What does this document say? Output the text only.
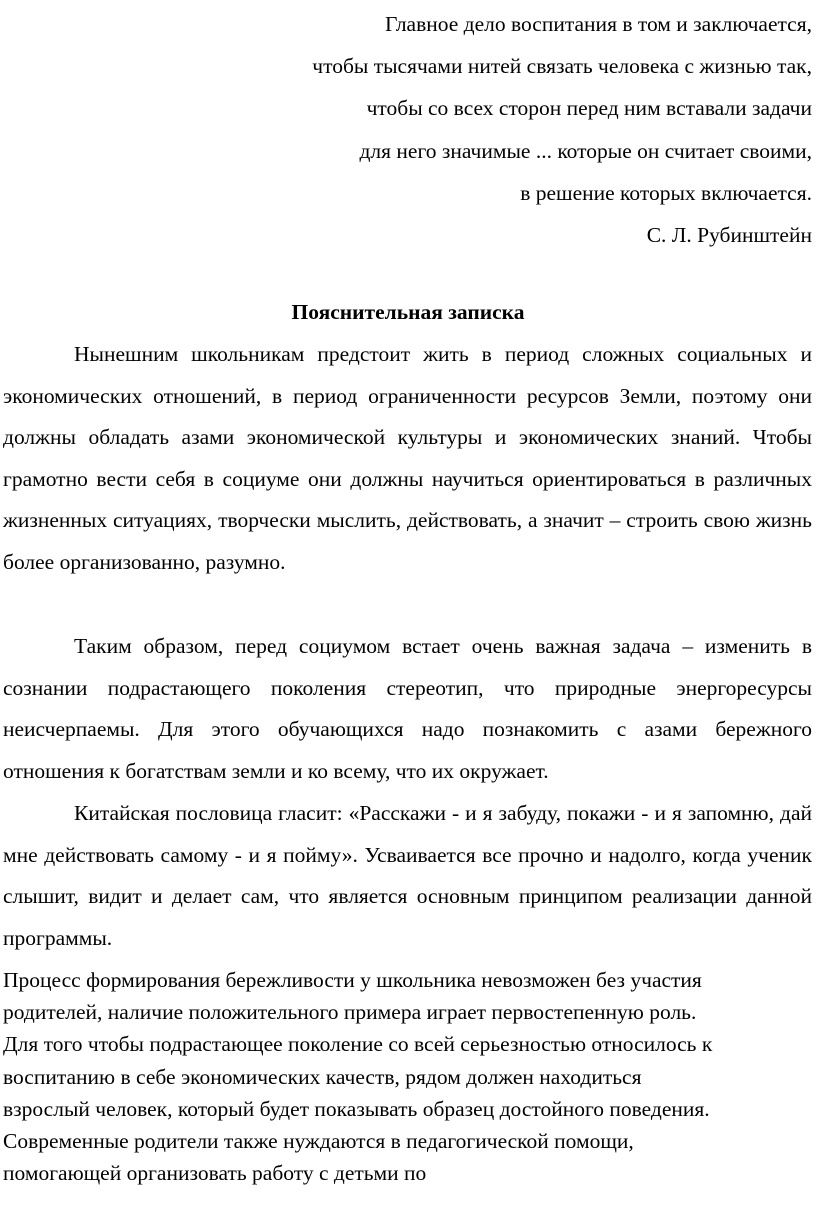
Главное дело воспитания в том и заключается,
чтобы тысячами нитей связать человека с жизнью так,
чтобы со всех сторон перед ним вставали задачи
для него значимые ... которые он считает своими,
в решение которых включается.
С. Л. Рубинштейн
Пояснительная записка

Нынешним школьникам предстоит жить в период сложных социальных и экономических отношений, в период ограниченности ресурсов Земли, поэтому они должны обладать азами экономической культуры и экономических знаний. Чтобы грамотно вести себя в социуме они должны научиться ориентироваться в различных жизненных ситуациях, творчески мыслить, действовать, а значит – строить свою жизнь более организованно, разумно.

Таким образом, перед социумом встает очень важная задача – изменить в сознании подрастающего поколения стереотип, что природные энергоресурсы неисчерпаемы. Для этого обучающихся надо познакомить с азами бережного отношения к богатствам земли и ко всему, что их окружает.

Китайская пословица гласит: «Расскажи - и я забуду, покажи - и я запомню, дай мне действовать самому - и я пойму». Усваивается все прочно и надолго, когда ученик слышит, видит и делает сам, что является основным принципом реализации данной программы.

Процесс формирования бережливости у школьника невозможен без участия
родителей, наличие положительного примера играет первостепенную роль.
Для того чтобы подрастающее поколение со всей серьезностью относилось к
воспитанию в себе экономических качеств, рядом должен находиться
взрослый человек, который будет показывать образец достойного поведения.
Современные родители также нуждаются в педагогической помощи,
помогающей организовать работу с детьми по
